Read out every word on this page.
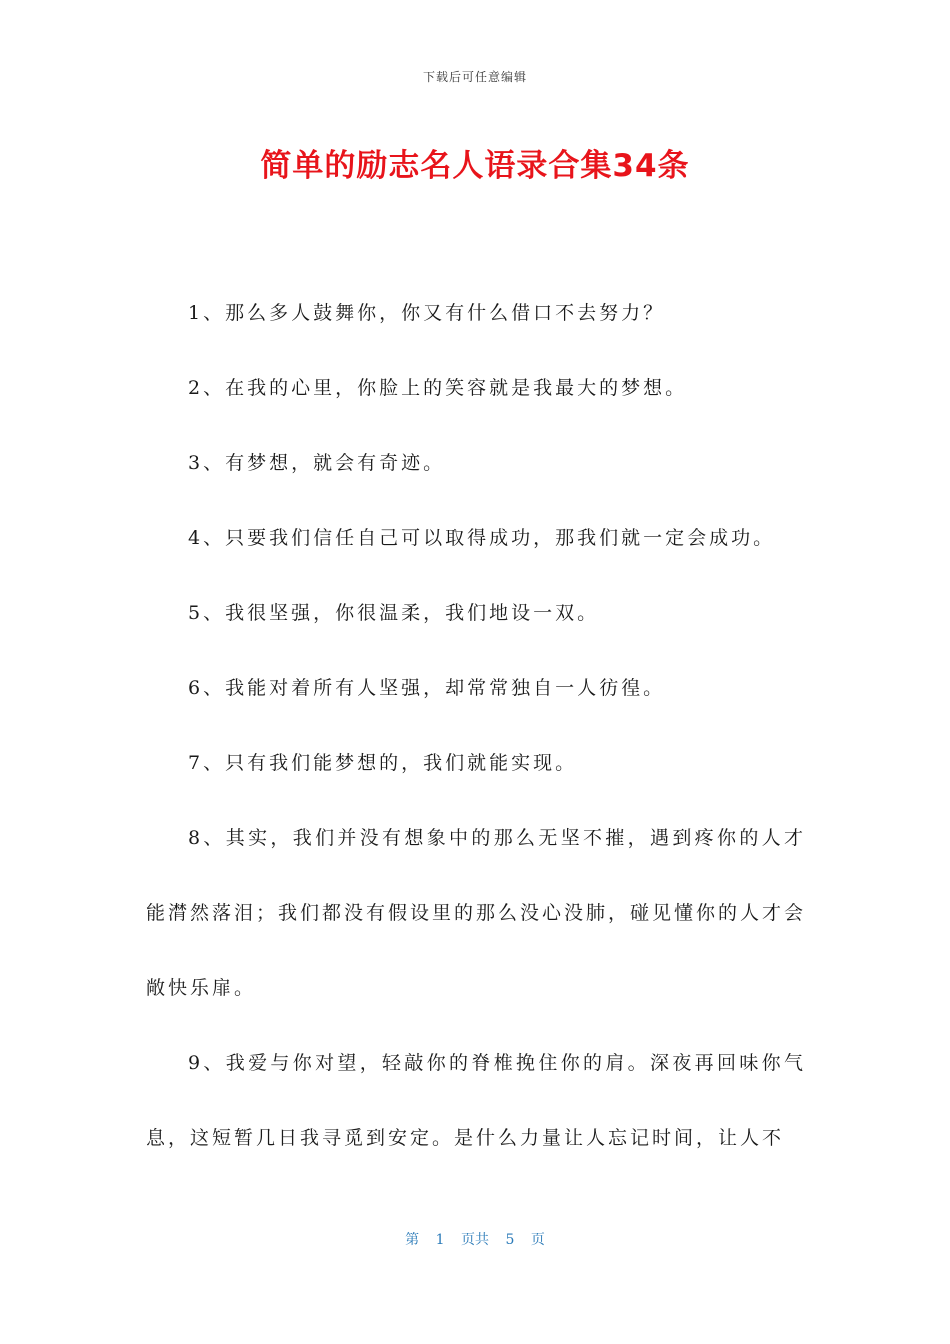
下载后可任意编辑
简单的励志名人语录合集34条

1、那么多人鼓舞你，你又有什么借口不去努力？

2、在我的心里，你脸上的笑容就是我最大的梦想。

3、有梦想，就会有奇迹。

4、只要我们信任自己可以取得成功，那我们就一定会成功。

5、我很坚强，你很温柔，我们地设一双。

6、我能对着所有人坚强，却常常独自一人彷徨。

7、只有我们能梦想的，我们就能实现。

8、其实，我们并没有想象中的那么无坚不摧，遇到疼你的人才能潸然落泪；我们都没有假设里的那么没心没肺，碰见懂你的人才会敞快乐扉。

9、我爱与你对望，轻敲你的脊椎挽住你的肩。深夜再回味你气息，这短暂几日我寻觅到安定。是什么力量让人忘记时间，让人不

第 1 页共 5 页
